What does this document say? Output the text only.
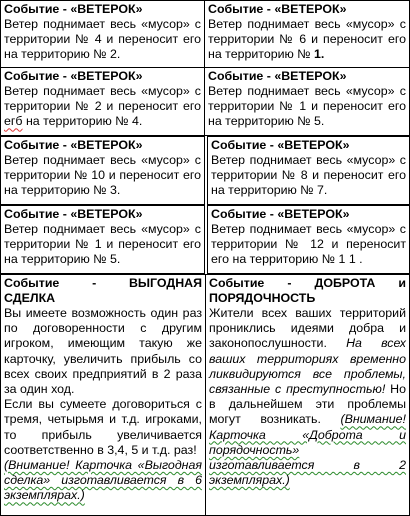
Событие - «ВЕТЕРОК»
Ветер поднимает весь «мусор» с территории № 4 и переносит его на территорию № 2.
Событие - «ВЕТЕРОК»
Ветер поднимает весь «мусор» с территории № 6 и переносит его на территорию № 1.
Событие - «ВЕТЕРОК»
Ветер поднимает весь «мусор» с территории № 2 и переносит его егб на территорию № 4.
Событие - «ВЕТЕРОК»
Ветер поднимает весь «мусор» с территории № 1 и переносит его на территорию № 5.
Событие - «ВЕТЕРОК»
Ветер поднимает весь «мусор» с территории № 10 и переносит его на территорию № 3.
Событие - «ВЕТЕРОК»
Ветер поднимает весь «мусор» с территории № 8 и переносит его на территорию № 7.
Событие - «ВЕТЕРОК»
Ветер поднимает весь «мусор» с территории № 1 и переносит его на территорию № 5.
Событие - «ВЕТЕРОК»
Ветер поднимает весь «мусор» с территории № 12 и переносит его на территорию № 1 1 .
Событие - ВЫГОДНАЯ
СДЕЛКА
Вы имеете возможность один раз по договоренности с другим игроком, имеющим такую же карточку, увеличить прибыль со всех своих предприятий в 2 раза за один ход.
Если вы сумеете договориться с тремя, четырьмя и т.д. игроками, то прибыль увеличивается соответственно в 3,4, 5 и т.д. раз!
(Внимание! Карточка «Выгодная сделка» изготавливается в 6 экземплярах.)
Событие - ДОБРОТА и
ПОРЯДОЧНОСТЬ
Жители всех ваших территорий прониклись идеями добра и законопослушности. На всех ваших территориях временно ликвидируются все проблемы, связанные с преступностью! Но в дальнейшем эти проблемы могут возникать. (Внимание! Карточка «Доброта и порядочность» изготавливается в 2 экземплярах.)
